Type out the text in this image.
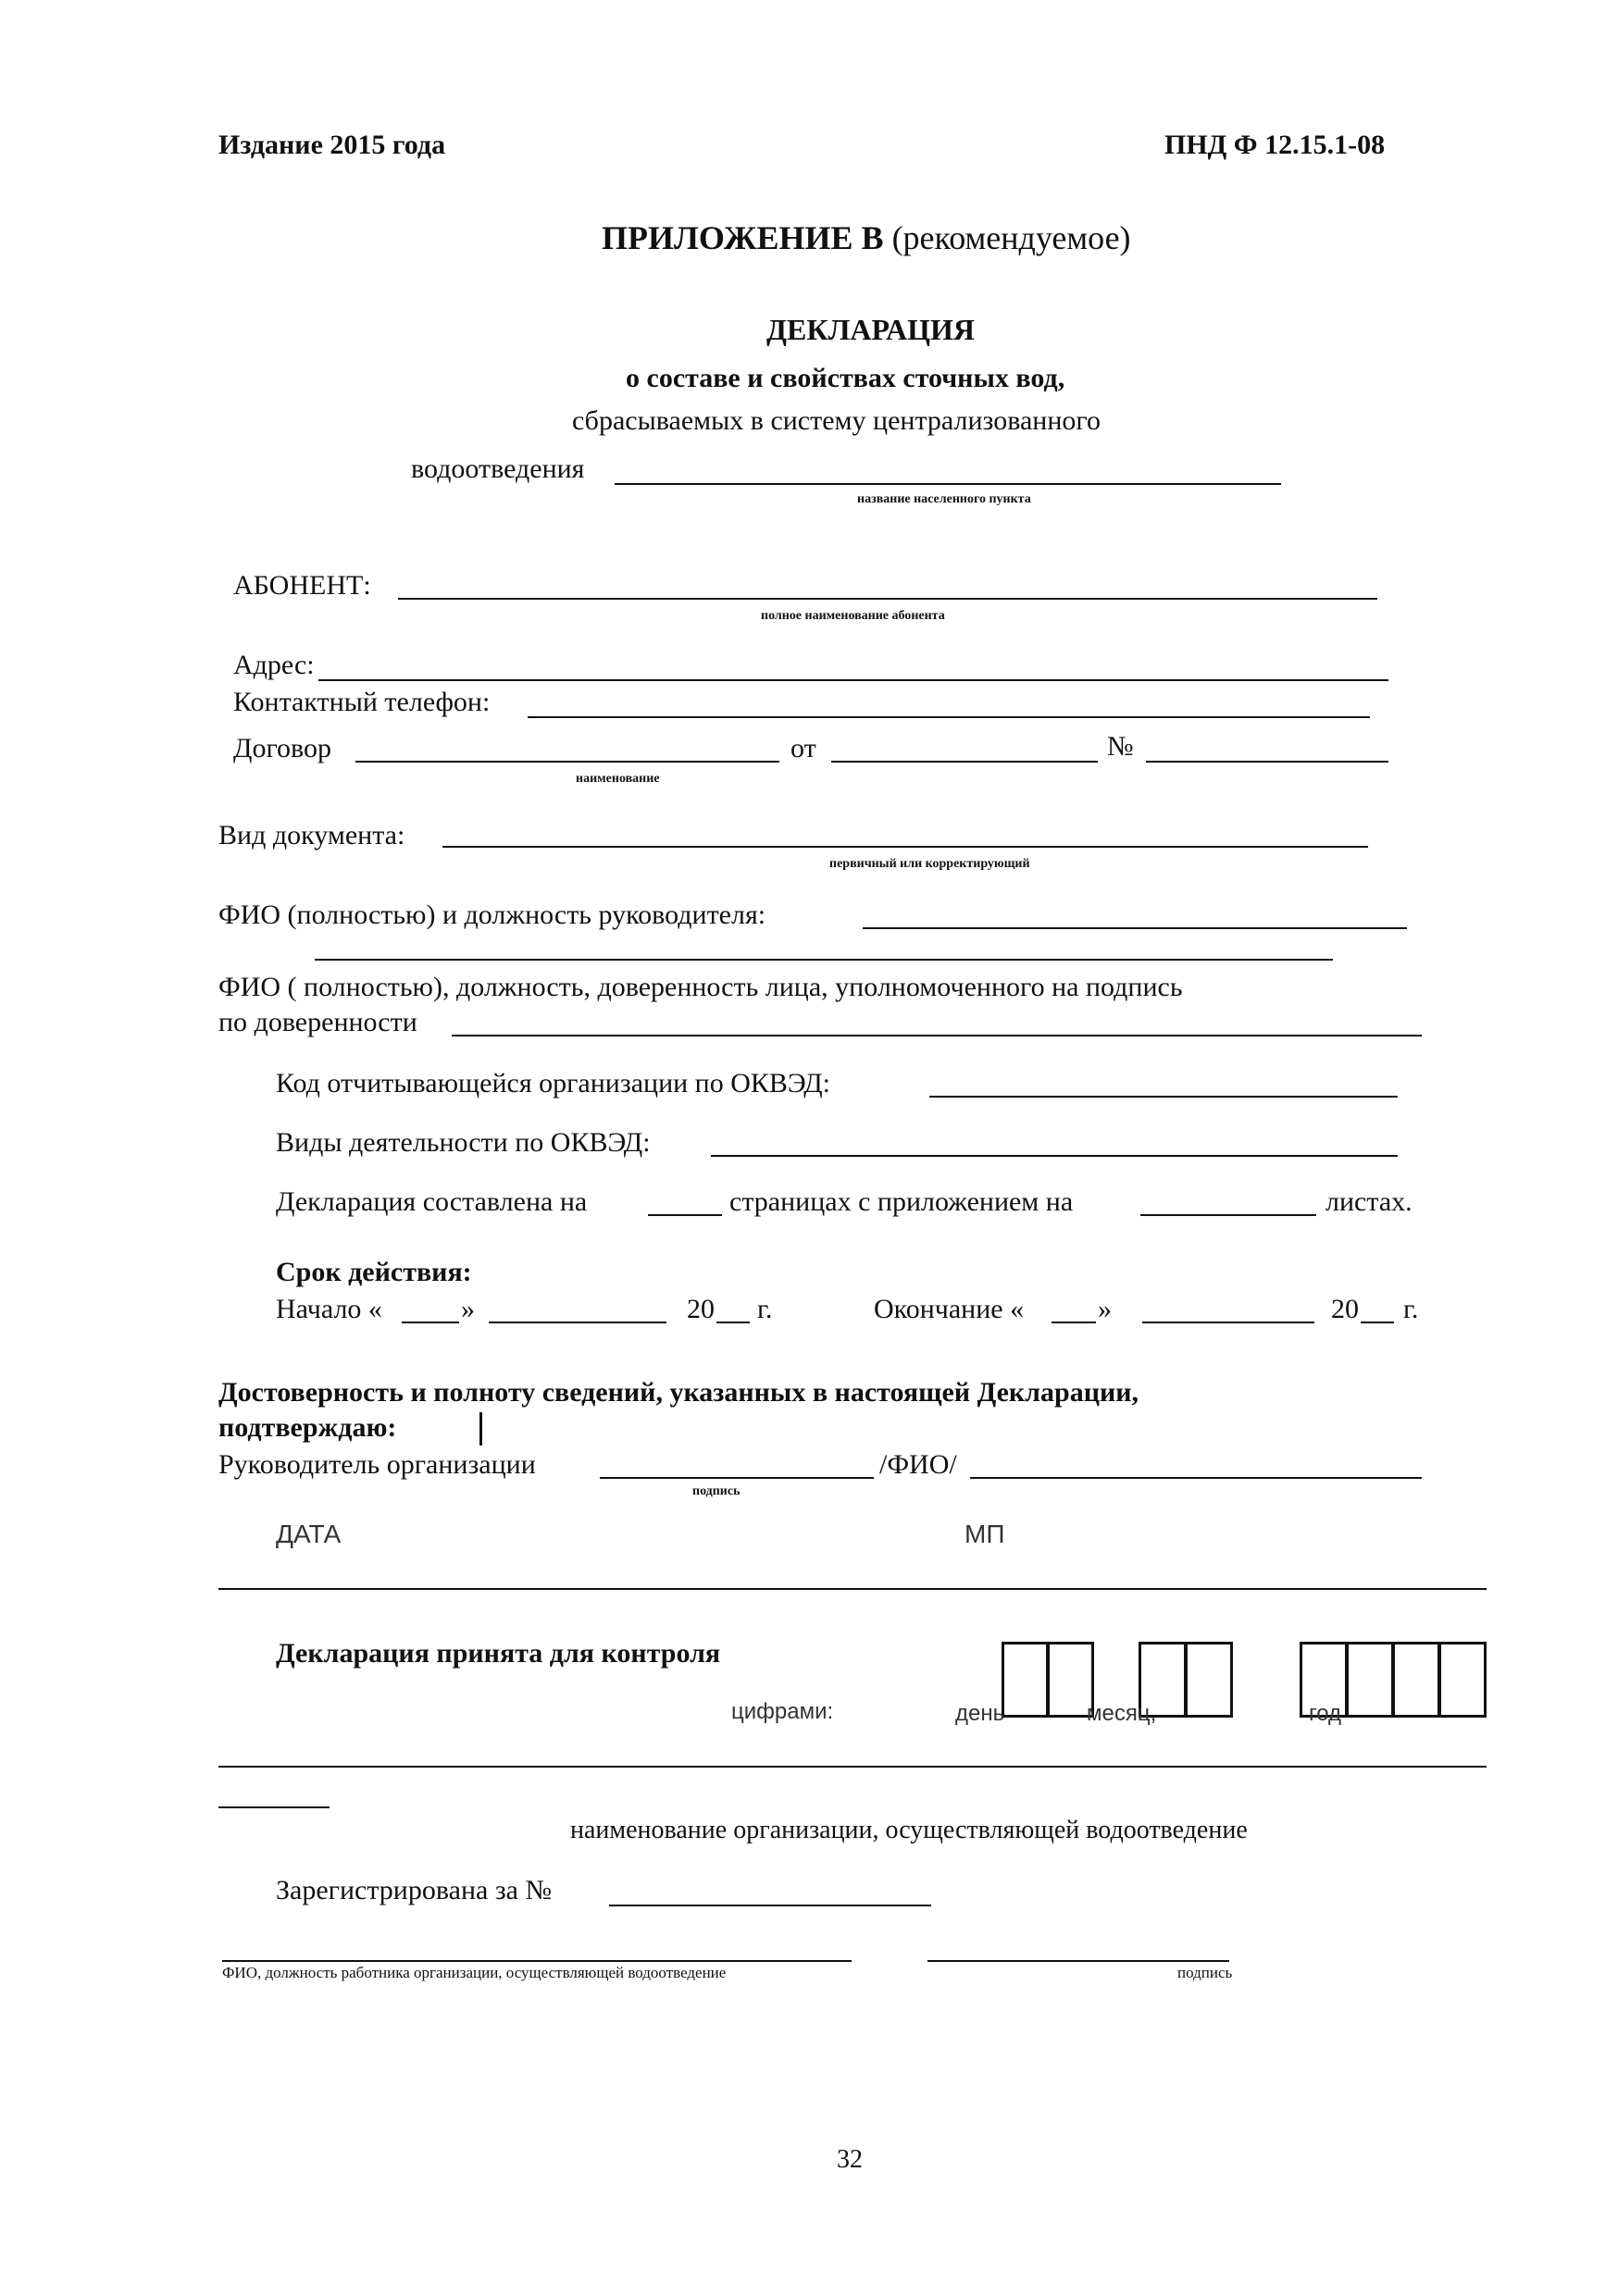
Издание 2015 года	ПНД Ф 12.15.1-08
ПРИЛОЖЕНИЕ В (рекомендуемое)
ДЕКЛАРАЦИЯ
о составе и свойствах сточных вод,
сбрасываемых в систему централизованного
водоотведения
название населенного пункта
АБОНЕНТ:
полное наименование абонента
Адрес:
Контактный телефон:
Договор	от	№
наименование
Вид документа:
первичный или корректирующий
ФИО (полностью) и должность руководителя:
ФИО ( полностью), должность, доверенность лица, уполномоченного на подпись
по доверенности
Код отчитывающейся организации по ОКВЭД:
Виды деятельности по ОКВЭД:
Декларация составлена на	страницах с приложением на	листах.
Срок действия:
Начало «	»	20 г.	Окончание «	»	20 г.
Достоверность и полноту сведений, указанных в настоящей Декларации,
подтверждаю:
Руководитель организации	/ФИО/
подпись
ДАТА	МП
Декларация принята для контроля
цифрами:	день	месяц,	год
наименование организации, осуществляющей водоотведение
Зарегистрирована за №
ФИО, должность работника организации, осуществляющей водоотведение	подпись
32
